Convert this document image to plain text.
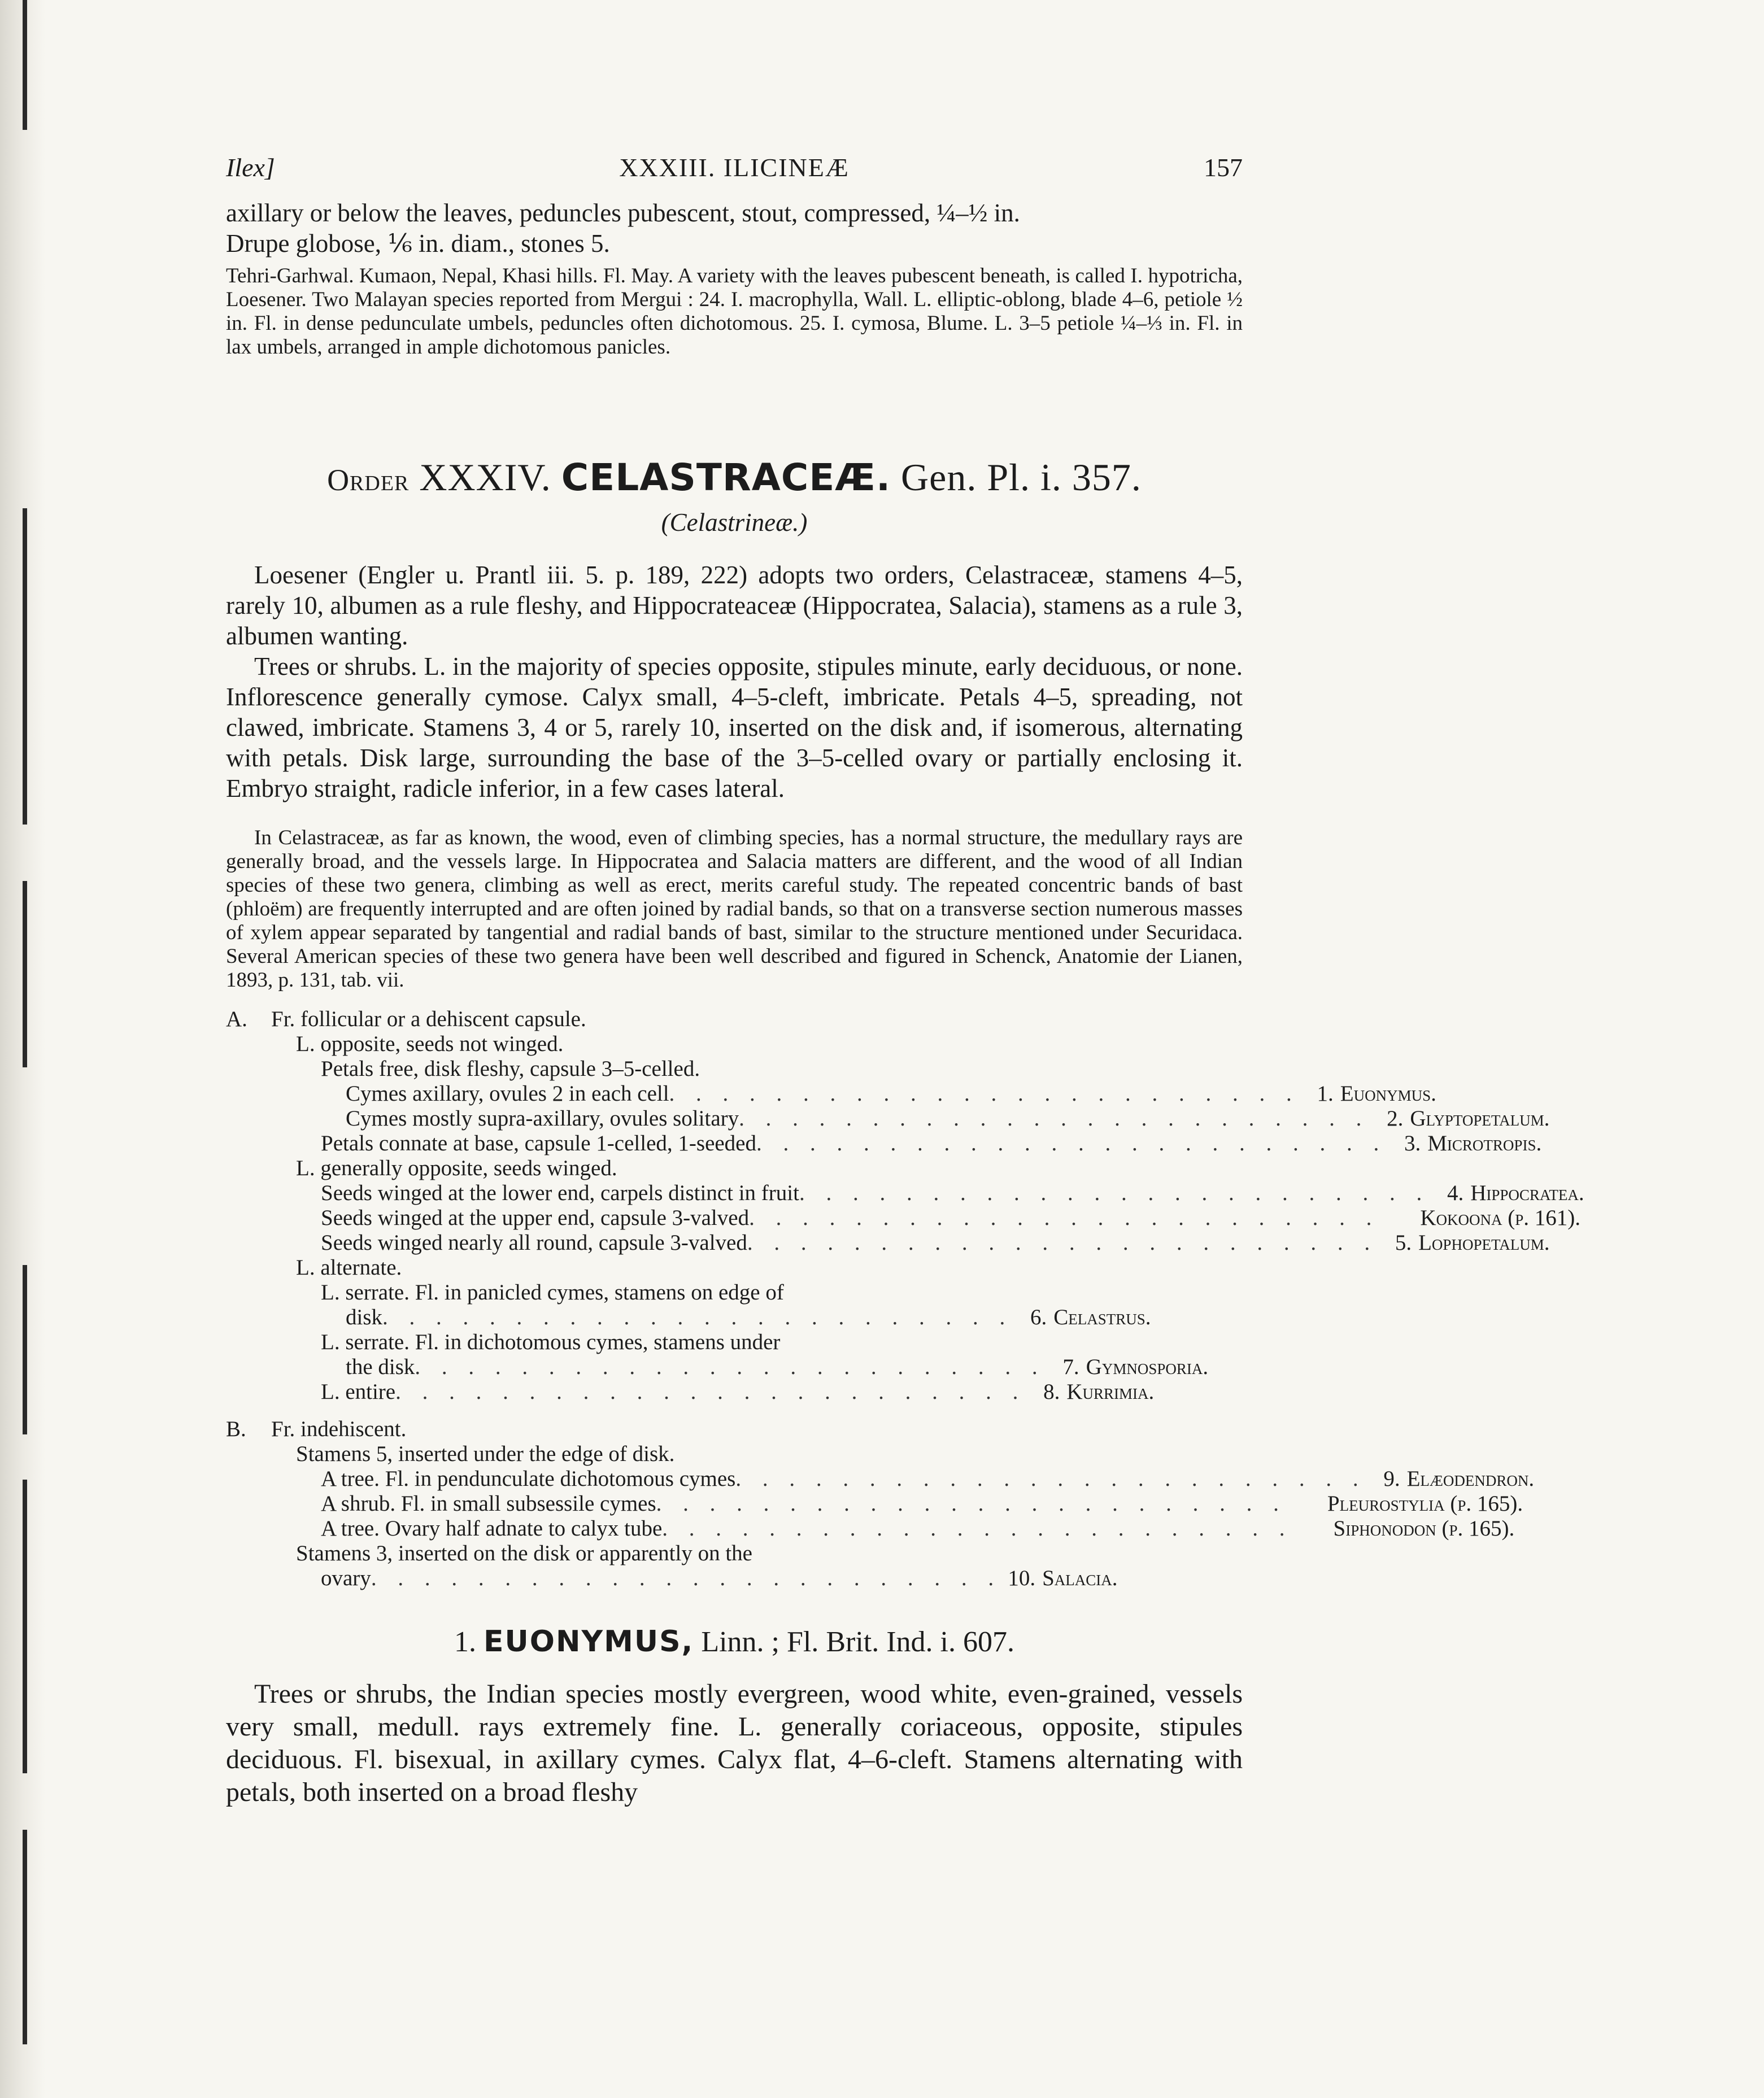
Ilex]	XXXIII. ILICINEÆ	157

axillary or below the leaves, peduncles pubescent, stout, compressed, ¼–½ in.

Drupe globose, ⅙ in. diam., stones 5.

Tehri-Garhwal. Kumaon, Nepal, Khasi hills. Fl. May. A variety with the leaves pubescent beneath, is called I. hypotricha, Loesener. Two Malayan species reported from Mergui : 24. I. macrophylla, Wall. L. elliptic-oblong, blade 4–6, petiole ½ in. Fl. in dense pedunculate umbels, peduncles often dichotomous. 25. I. cymosa, Blume. L. 3–5 petiole ¼–⅓ in. Fl. in lax umbels, arranged in ample dichotomous panicles.

Order XXXIV. CELASTRACEÆ. Gen. Pl. i. 357.
(Celastrineæ.)

Loesener (Engler u. Prantl iii. 5. p. 189, 222) adopts two orders, Celastraceæ, stamens 4–5, rarely 10, albumen as a rule fleshy, and Hippocrateaceæ (Hippocratea, Salacia), stamens as a rule 3, albumen wanting.

Trees or shrubs. L. in the majority of species opposite, stipules minute, early deciduous, or none. Inflorescence generally cymose. Calyx small, 4–5-cleft, imbricate. Petals 4–5, spreading, not clawed, imbricate. Stamens 3, 4 or 5, rarely 10, inserted on the disk and, if isomerous, alternating with petals. Disk large, surrounding the base of the 3–5-celled ovary or partially enclosing it. Embryo straight, radicle inferior, in a few cases lateral.

In Celastraceæ, as far as known, the wood, even of climbing species, has a normal structure, the medullary rays are generally broad, and the vessels large. In Hippocratea and Salacia matters are different, and the wood of all Indian species of these two genera, climbing as well as erect, merits careful study. The repeated concentric bands of bast (phloëm) are frequently interrupted and are often joined by radial bands, so that on a transverse section numerous masses of xylem appear separated by tangential and radial bands of bast, similar to the structure mentioned under Securidaca. Several American species of these two genera have been well described and figured in Schenck, Anatomie der Lianen, 1893, p. 131, tab. vii.

A.	Fr. follicular or a dehiscent capsule.
L. opposite, seeds not winged.
Petals free, disk fleshy, capsule 3–5-celled.
Cymes axillary, ovules 2 in each cell . . . . . . . . . . . . . . . . . . . . . . . . 1. Euonymus.
Cymes mostly supra-axillary, ovules solitary . . . . . . . . . . . . . . . . . . . . . . . . 2. Glyptopetalum.
Petals connate at base, capsule 1-celled, 1-seeded . . . . . . . . . . . . . . . . . . . . . . . . 3. Microtropis.
L. generally opposite, seeds winged.
Seeds winged at the lower end, carpels distinct in fruit . . . . . . . . . . . . . . . . . . . . . . . . 4. Hippocratea.
Seeds winged at the upper end, capsule 3-valved . . . . . . . . . . . . . . . . . . . . . . . . Kokoona (p. 161).
Seeds winged nearly all round, capsule 3-valved . . . . . . . . . . . . . . . . . . . . . . . . 5. Lophopetalum.
L. alternate.
L. serrate. Fl. in panicled cymes, stamens on edge of
disk . . . . . . . . . . . . . . . . . . . . . . . . 6. Celastrus.
L. serrate. Fl. in dichotomous cymes, stamens under
the disk . . . . . . . . . . . . . . . . . . . . . . . . 7. Gymnosporia.
L. entire . . . . . . . . . . . . . . . . . . . . . . . . 8. Kurrimia.
B.	Fr. indehiscent.
Stamens 5, inserted under the edge of disk.
A tree. Fl. in penduncul‍ate dichotomous cymes . . . . . . . . . . . . . . . . . . . . . . . . 9. Elæodendron.
A shrub. Fl. in small subsessile cymes . . . . . . . . . . . . . . . . . . . . . . . . Pleurostylia (p. 165).
A tree. Ovary half adnate to calyx tube . . . . . . . . . . . . . . . . . . . . . . . . Siphonodon (p. 165).
Stamens 3, inserted on the disk or apparently on the
ovary . . . . . . . . . . . . . . . . . . . . . . . . 10. Salacia.
1. EUONYMUS, Linn. ; Fl. Brit. Ind. i. 607.

Trees or shrubs, the Indian species mostly evergreen, wood white, even-grained, vessels very small, medull. rays extremely fine. L. generally coriaceous, opposite, stipules deciduous. Fl. bisexual, in axillary cymes. Calyx flat, 4–6-cleft. Stamens alternating with petals, both inserted on a broad fleshy
